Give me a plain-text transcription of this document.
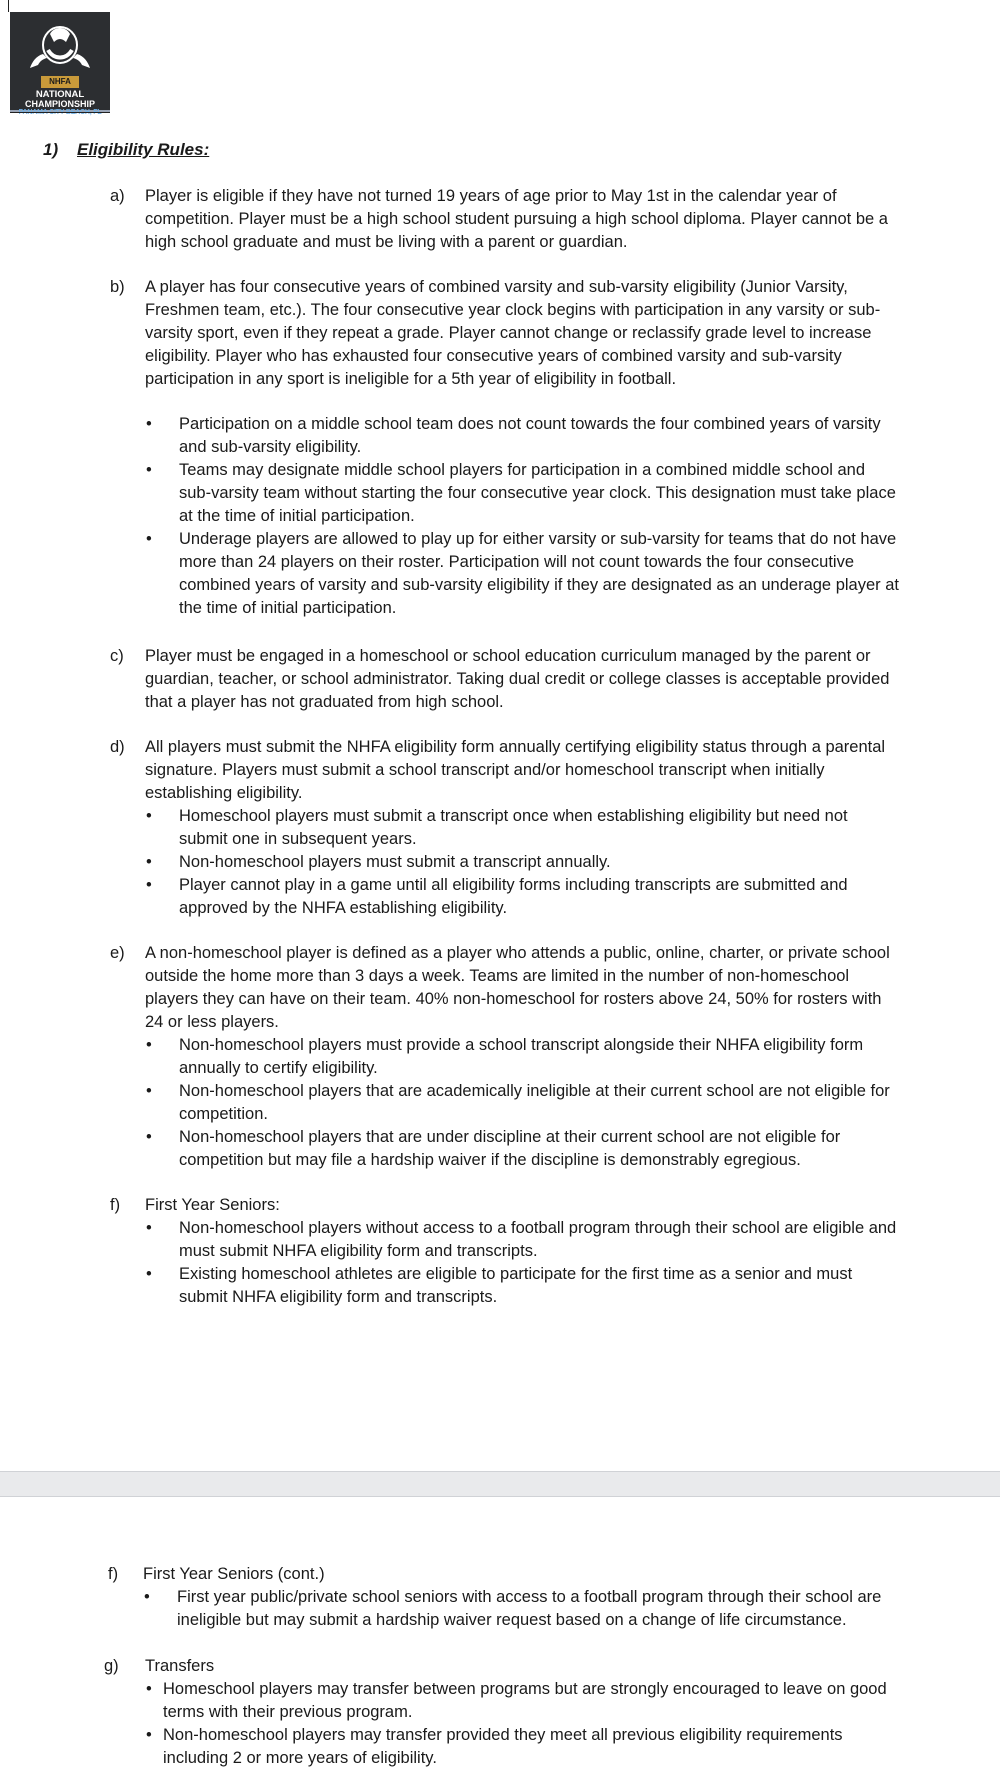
NHFA
NATIONAL
CHAMPIONSHIP
1) Eligibility Rules:
a)	Player is eligible if they have not turned 19 years of age prior to May 1st in the calendar year of competition. Player must be a high school student pursuing a high school diploma. Player cannot be a high school graduate and must be living with a parent or guardian.
b)	A player has four consecutive years of combined varsity and sub-varsity eligibility (Junior Varsity, Freshmen team, etc.). The four consecutive year clock begins with participation in any varsity or sub-varsity sport, even if they repeat a grade. Player cannot change or reclassify grade level to increase eligibility. Player who has exhausted four consecutive years of combined varsity and sub-varsity participation in any sport is ineligible for a 5th year of eligibility in football.
• Participation on a middle school team does not count towards the four combined years of varsity and sub-varsity eligibility.
• Teams may designate middle school players for participation in a combined middle school and sub-varsity team without starting the four consecutive year clock. This designation must take place at the time of initial participation.
• Underage players are allowed to play up for either varsity or sub-varsity for teams that do not have more than 24 players on their roster. Participation will not count towards the four consecutive combined years of varsity and sub-varsity eligibility if they are designated as an underage player at the time of initial participation.
c)	Player must be engaged in a homeschool or school education curriculum managed by the parent or guardian, teacher, or school administrator. Taking dual credit or college classes is acceptable provided that a player has not graduated from high school.
d)	All players must submit the NHFA eligibility form annually certifying eligibility status through a parental signature. Players must submit a school transcript and/or homeschool transcript when initially establishing eligibility.
• Homeschool players must submit a transcript once when establishing eligibility but need not submit one in subsequent years.
• Non-homeschool players must submit a transcript annually.
• Player cannot play in a game until all eligibility forms including transcripts are submitted and approved by the NHFA establishing eligibility.
e)	A non-homeschool player is defined as a player who attends a public, online, charter, or private school outside the home more than 3 days a week. Teams are limited in the number of non-homeschool players they can have on their team. 40% non-homeschool for rosters above 24, 50% for rosters with 24 or less players.
• Non-homeschool players must provide a school transcript alongside their NHFA eligibility form annually to certify eligibility.
• Non-homeschool players that are academically ineligible at their current school are not eligible for competition.
• Non-homeschool players that are under discipline at their current school are not eligible for competition but may file a hardship waiver if the discipline is demonstrably egregious.
f)	First Year Seniors:
• Non-homeschool players without access to a football program through their school are eligible and must submit NHFA eligibility form and transcripts.
• Existing homeschool athletes are eligible to participate for the first time as a senior and must submit NHFA eligibility form and transcripts.
f)	First Year Seniors (cont.)
• First year public/private school seniors with access to a football program through their school are ineligible but may submit a hardship waiver request based on a change of life circumstance.
g)	Transfers
• Homeschool players may transfer between programs but are strongly encouraged to leave on good terms with their previous program.
• Non-homeschool players may transfer provided they meet all previous eligibility requirements including 2 or more years of eligibility.
